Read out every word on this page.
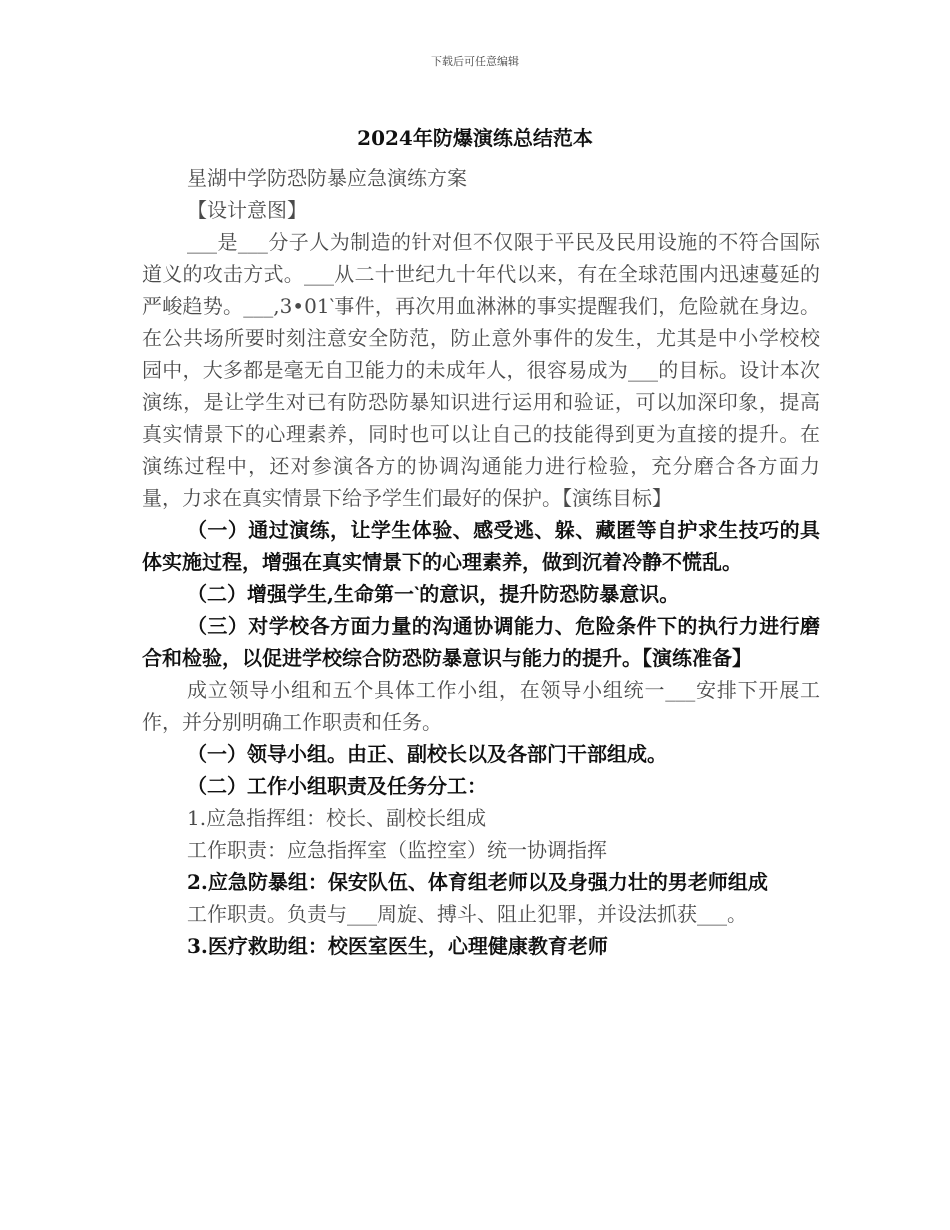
下载后可任意编辑
2024年防爆演练总结范本

星湖中学防恐防暴应急演练方案

【设计意图】

___是___分子人为制造的针对但不仅限于平民及民用设施的不符合国际道义的攻击方式。___从二十世纪九十年代以来，有在全球范围内迅速蔓延的严峻趋势。___,3•01‵事件，再次用血淋淋的事实提醒我们，危险就在身边。在公共场所要时刻注意安全防范，防止意外事件的发生，尤其是中小学校校园中，大多都是毫无自卫能力的未成年人，很容易成为___的目标。设计本次演练，是让学生对已有防恐防暴知识进行运用和验证，可以加深印象，提高真实情景下的心理素养，同时也可以让自己的技能得到更为直接的提升。在演练过程中，还对参演各方的协调沟通能力进行检验，充分磨合各方面力量，力求在真实情景下给予学生们最好的保护。【演练目标】

（一）通过演练，让学生体验、感受逃、躲、藏匿等自护求生技巧的具体实施过程，增强在真实情景下的心理素养，做到沉着冷静不慌乱。

（二）增强学生,生命第一‵的意识，提升防恐防暴意识。

（三）对学校各方面力量的沟通协调能力、危险条件下的执行力进行磨合和检验，以促进学校综合防恐防暴意识与能力的提升。【演练准备】

成立领导小组和五个具体工作小组，在领导小组统一___安排下开展工作，并分别明确工作职责和任务。

（一）领导小组。由正、副校长以及各部门干部组成。

（二）工作小组职责及任务分工：

1.应急指挥组：校长、副校长组成

工作职责：应急指挥室（监控室）统一协调指挥

2.应急防暴组：保安队伍、体育组老师以及身强力壮的男老师组成

工作职责。负责与___周旋、搏斗、阻止犯罪，并设法抓获___。

3.医疗救助组：校医室医生，心理健康教育老师
